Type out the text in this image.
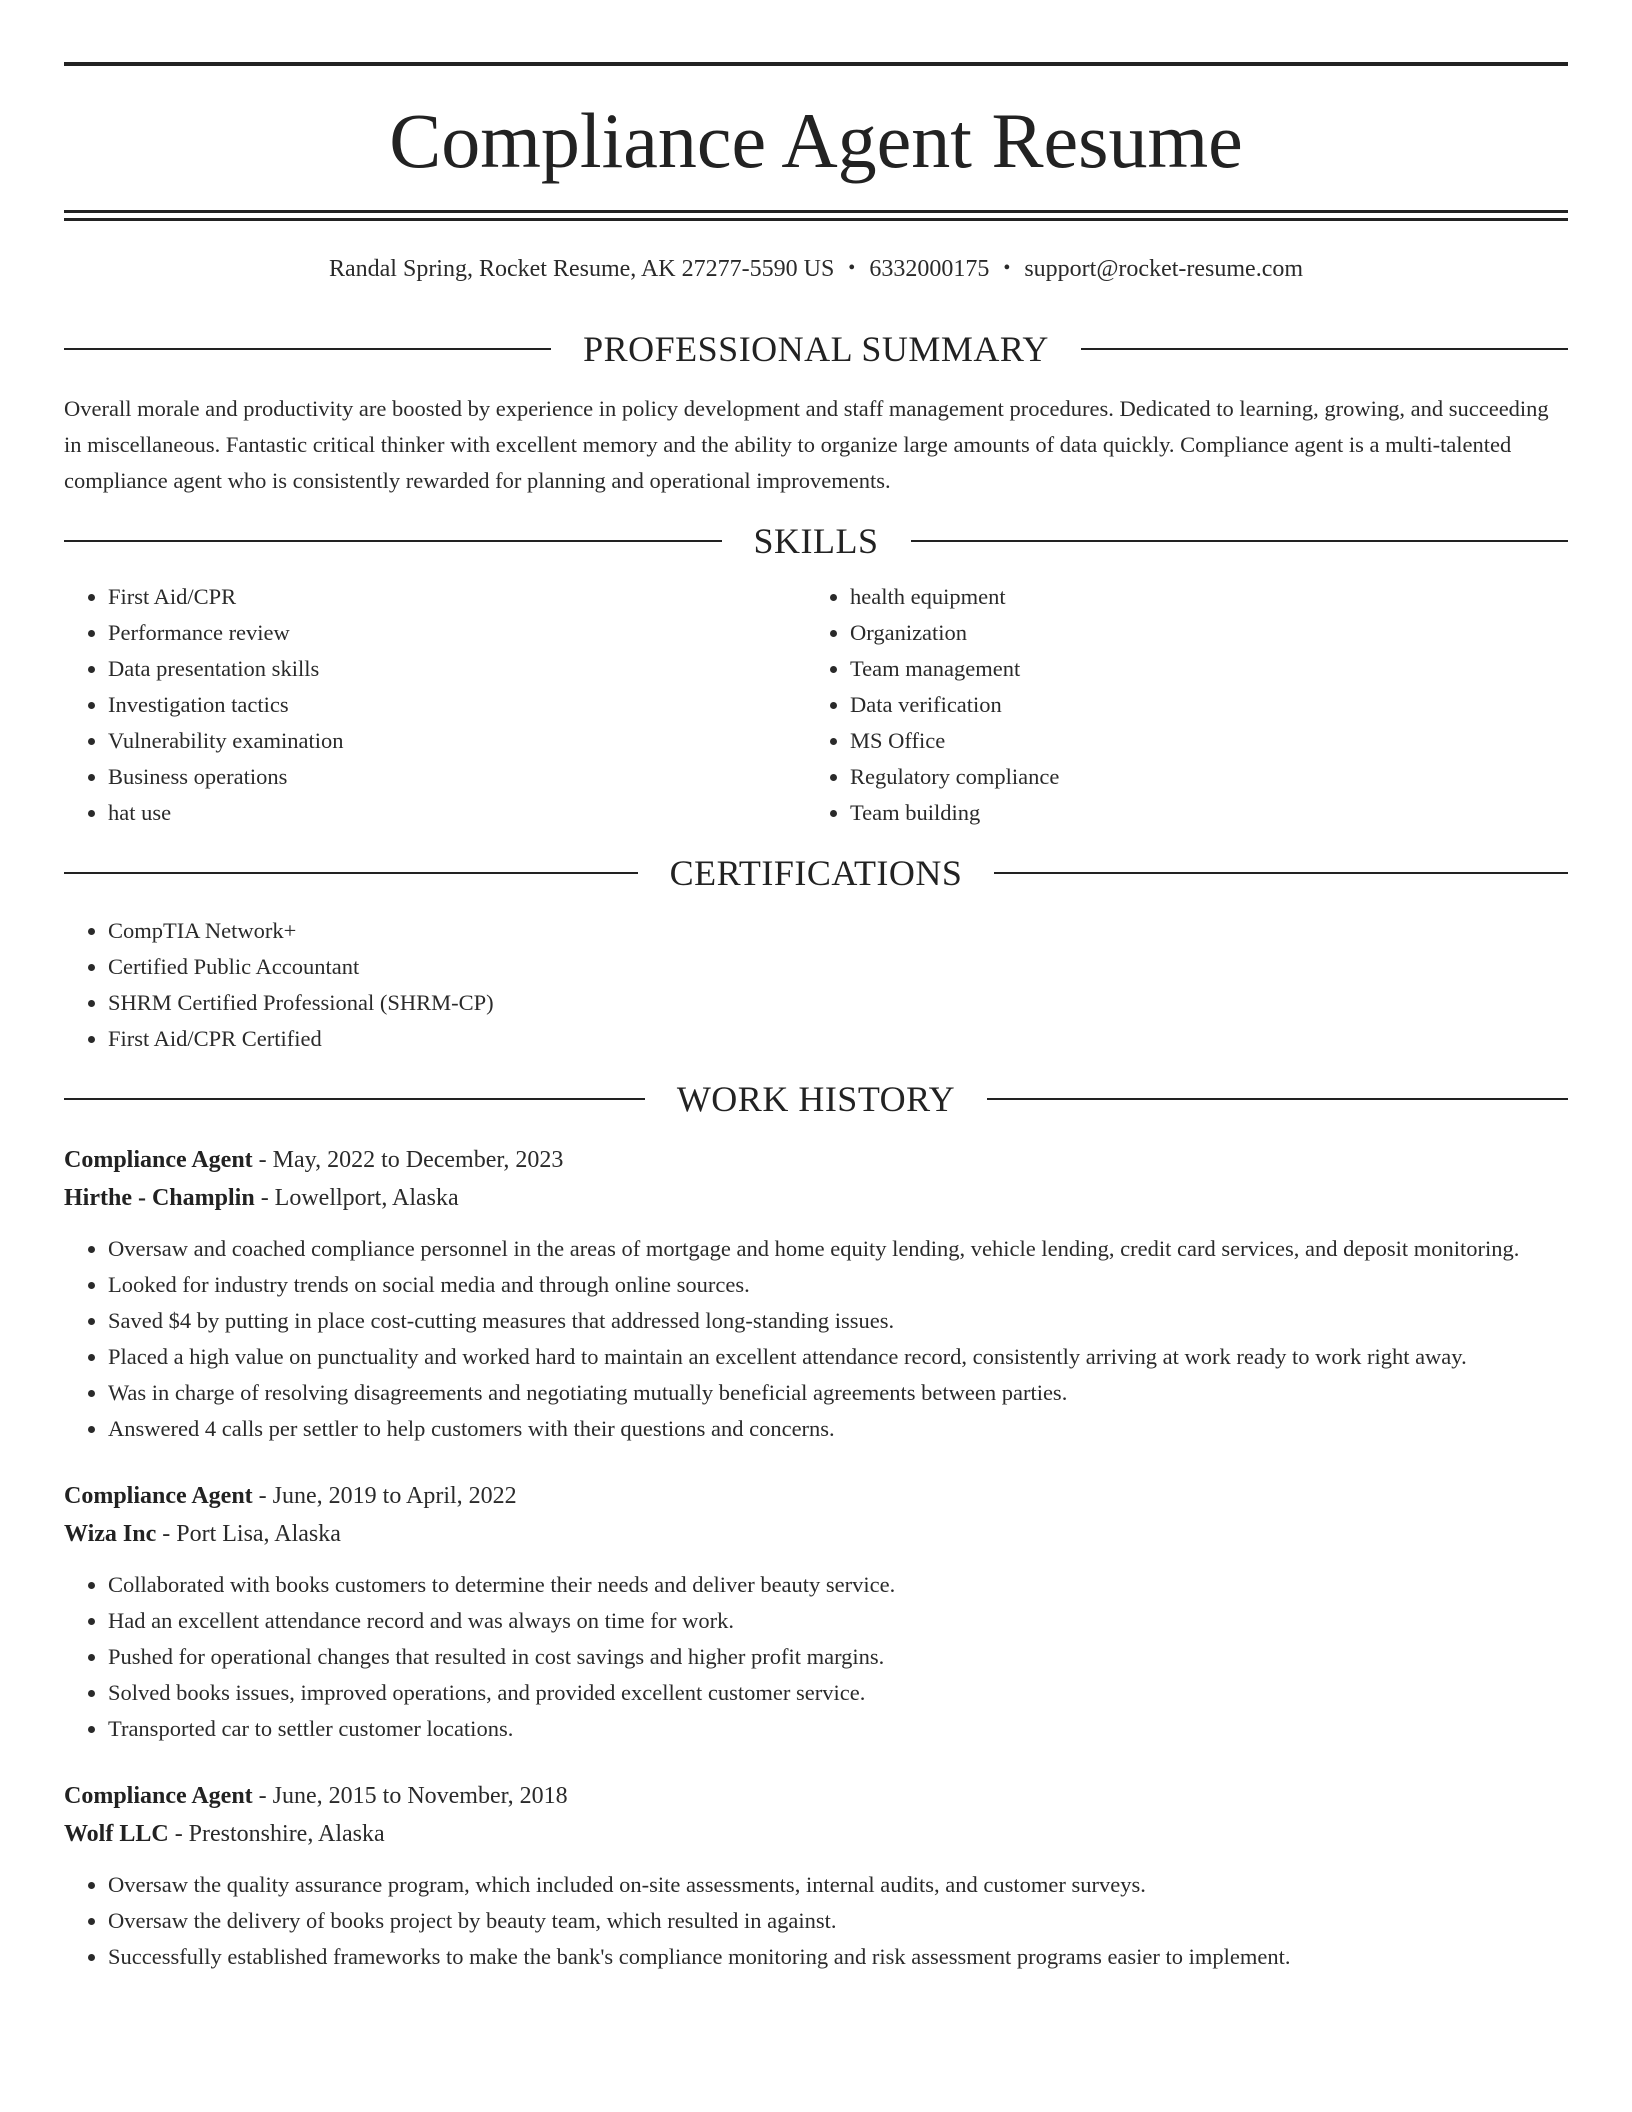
Compliance Agent Resume
Randal Spring, Rocket Resume, AK 27277-5590 US • 6332000175 • support@rocket-resume.com
PROFESSIONAL SUMMARY

Overall morale and productivity are boosted by experience in policy development and staff management procedures. Dedicated to learning, growing, and succeeding in miscellaneous. Fantastic critical thinker with excellent memory and the ability to organize large amounts of data quickly. Compliance agent is a multi-talented compliance agent who is consistently rewarded for planning and operational improvements.

SKILLS
• First Aid/CPR
• Performance review
• Data presentation skills
• Investigation tactics
• Vulnerability examination
• Business operations
• hat use
• health equipment
• Organization
• Team management
• Data verification
• MS Office
• Regulatory compliance
• Team building
CERTIFICATIONS
• CompTIA Network+
• Certified Public Accountant
• SHRM Certified Professional (SHRM-CP)
• First Aid/CPR Certified
WORK HISTORY
Compliance Agent - May, 2022 to December, 2023
Hirthe - Champlin - Lowellport, Alaska
• Oversaw and coached compliance personnel in the areas of mortgage and home equity lending, vehicle lending, credit card services, and deposit monitoring.
• Looked for industry trends on social media and through online sources.
• Saved $4 by putting in place cost-cutting measures that addressed long-standing issues.
• Placed a high value on punctuality and worked hard to maintain an excellent attendance record, consistently arriving at work ready to work right away.
• Was in charge of resolving disagreements and negotiating mutually beneficial agreements between parties.
• Answered 4 calls per settler to help customers with their questions and concerns.
Compliance Agent - June, 2019 to April, 2022
Wiza Inc - Port Lisa, Alaska
• Collaborated with books customers to determine their needs and deliver beauty service.
• Had an excellent attendance record and was always on time for work.
• Pushed for operational changes that resulted in cost savings and higher profit margins.
• Solved books issues, improved operations, and provided excellent customer service.
• Transported car to settler customer locations.
Compliance Agent - June, 2015 to November, 2018
Wolf LLC - Prestonshire, Alaska
• Oversaw the quality assurance program, which included on-site assessments, internal audits, and customer surveys.
• Oversaw the delivery of books project by beauty team, which resulted in against.
• Successfully established frameworks to make the bank's compliance monitoring and risk assessment programs easier to implement.
